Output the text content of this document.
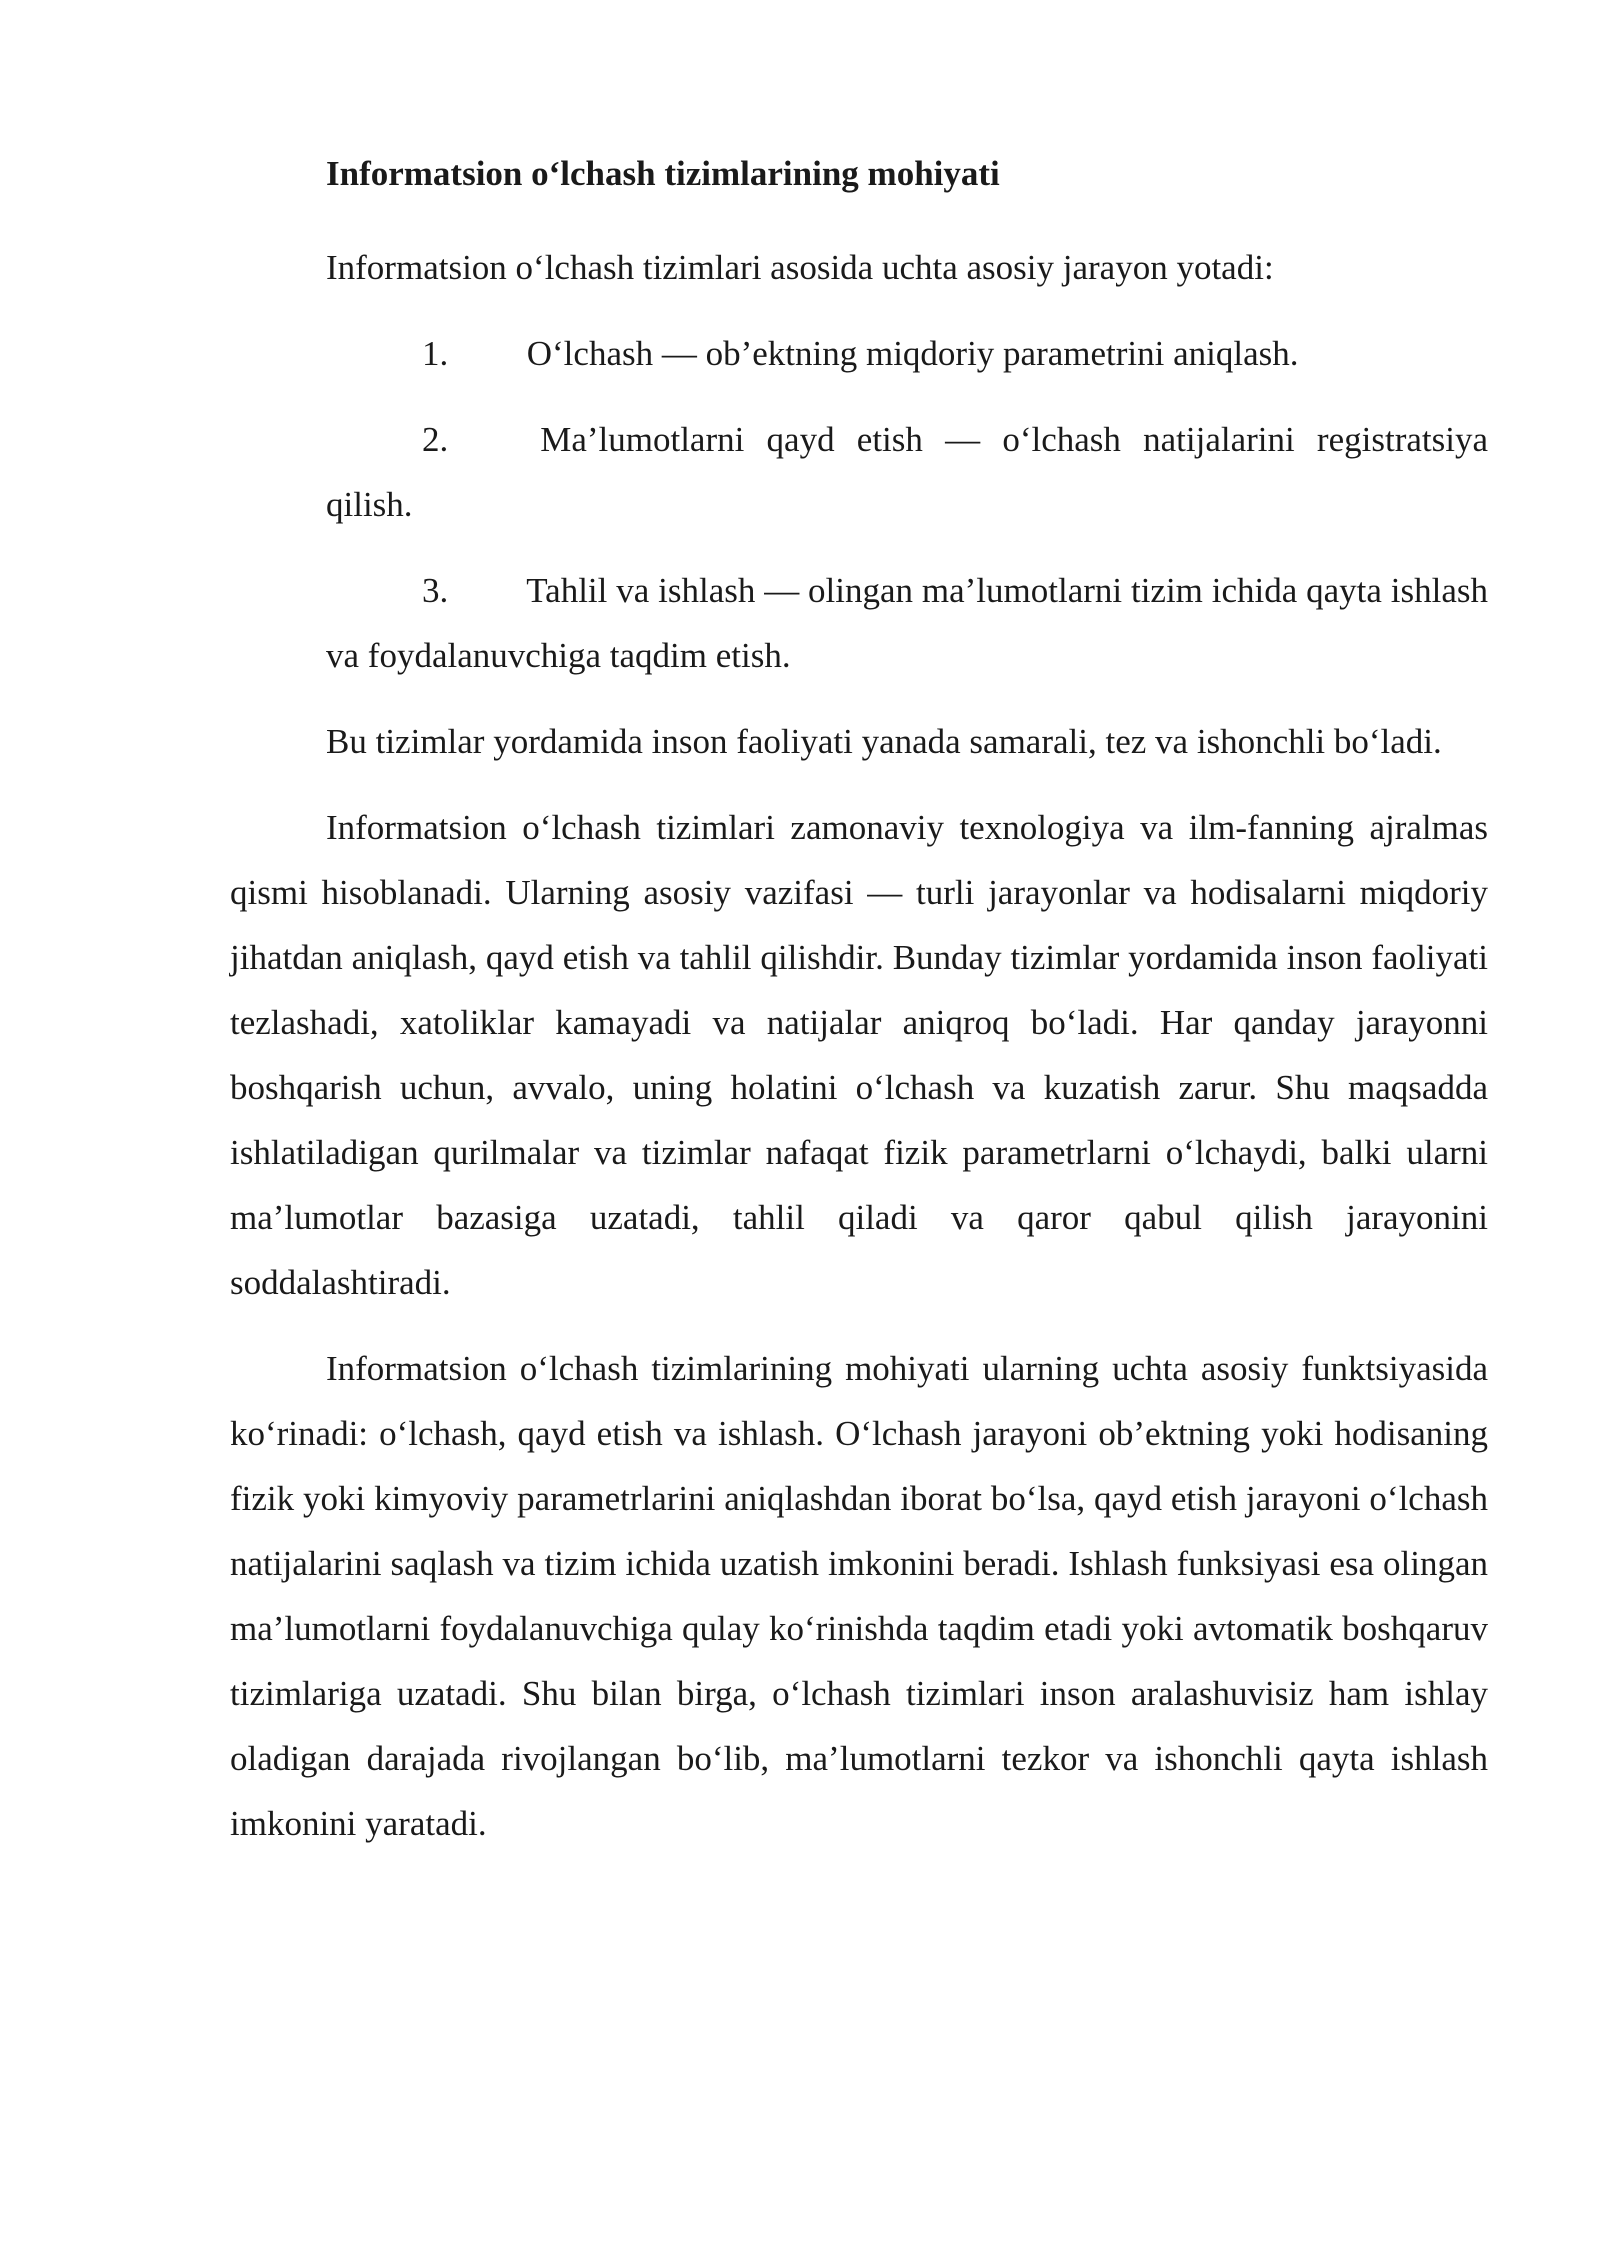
Informatsion o‘lchash tizimlarining mohiyati

Informatsion o‘lchash tizimlari asosida uchta asosiy jarayon yotadi:

1. O‘lchash — ob’ektning miqdoriy parametrini aniqlash.
2.	Ma’lumotlarni qayd etish — o‘lchash natijalarini registratsiya qilish.
3. Tahlil va ishlash — olingan ma’lumotlarni tizim ichida qayta ishlash va foydalanuvchiga taqdim etish.

Bu tizimlar yordamida inson faoliyati yanada samarali, tez va ishonchli bo‘ladi.

Informatsion o‘lchash tizimlari zamonaviy texnologiya va ilm-fanning ajralmas qismi hisoblanadi. Ularning asosiy vazifasi — turli jarayonlar va hodisalarni miqdoriy jihatdan aniqlash, qayd etish va tahlil qilishdir. Bunday tizimlar yordamida inson faoliyati tezlashadi, xatoliklar kamayadi va natijalar aniqroq bo‘ladi. Har qanday jarayonni boshqarish uchun, avvalo, uning holatini o‘lchash va kuzatish zarur. Shu maqsadda ishlatiladigan qurilmalar va tizimlar nafaqat fizik parametrlarni o‘lchaydi, balki ularni ma’lumotlar bazasiga uzatadi, tahlil qiladi va qaror qabul qilish jarayonini soddalashtiradi.

Informatsion o‘lchash tizimlarining mohiyati ularning uchta asosiy funktsiyasida ko‘rinadi: o‘lchash, qayd etish va ishlash. O‘lchash jarayoni ob’ektning yoki hodisaning fizik yoki kimyoviy parametrlarini aniqlashdan iborat bo‘lsa, qayd etish jarayoni o‘lchash natijalarini saqlash va tizim ichida uzatish imkonini beradi. Ishlash funksiyasi esa olingan ma’lumotlarni foydalanuvchiga qulay ko‘rinishda taqdim etadi yoki avtomatik boshqaruv tizimlariga uzatadi. Shu bilan birga, o‘lchash tizimlari inson aralashuvisiz ham ishlay oladigan darajada rivojlangan bo‘lib, ma’lumotlarni tezkor va ishonchli qayta ishlash imkonini yaratadi.
